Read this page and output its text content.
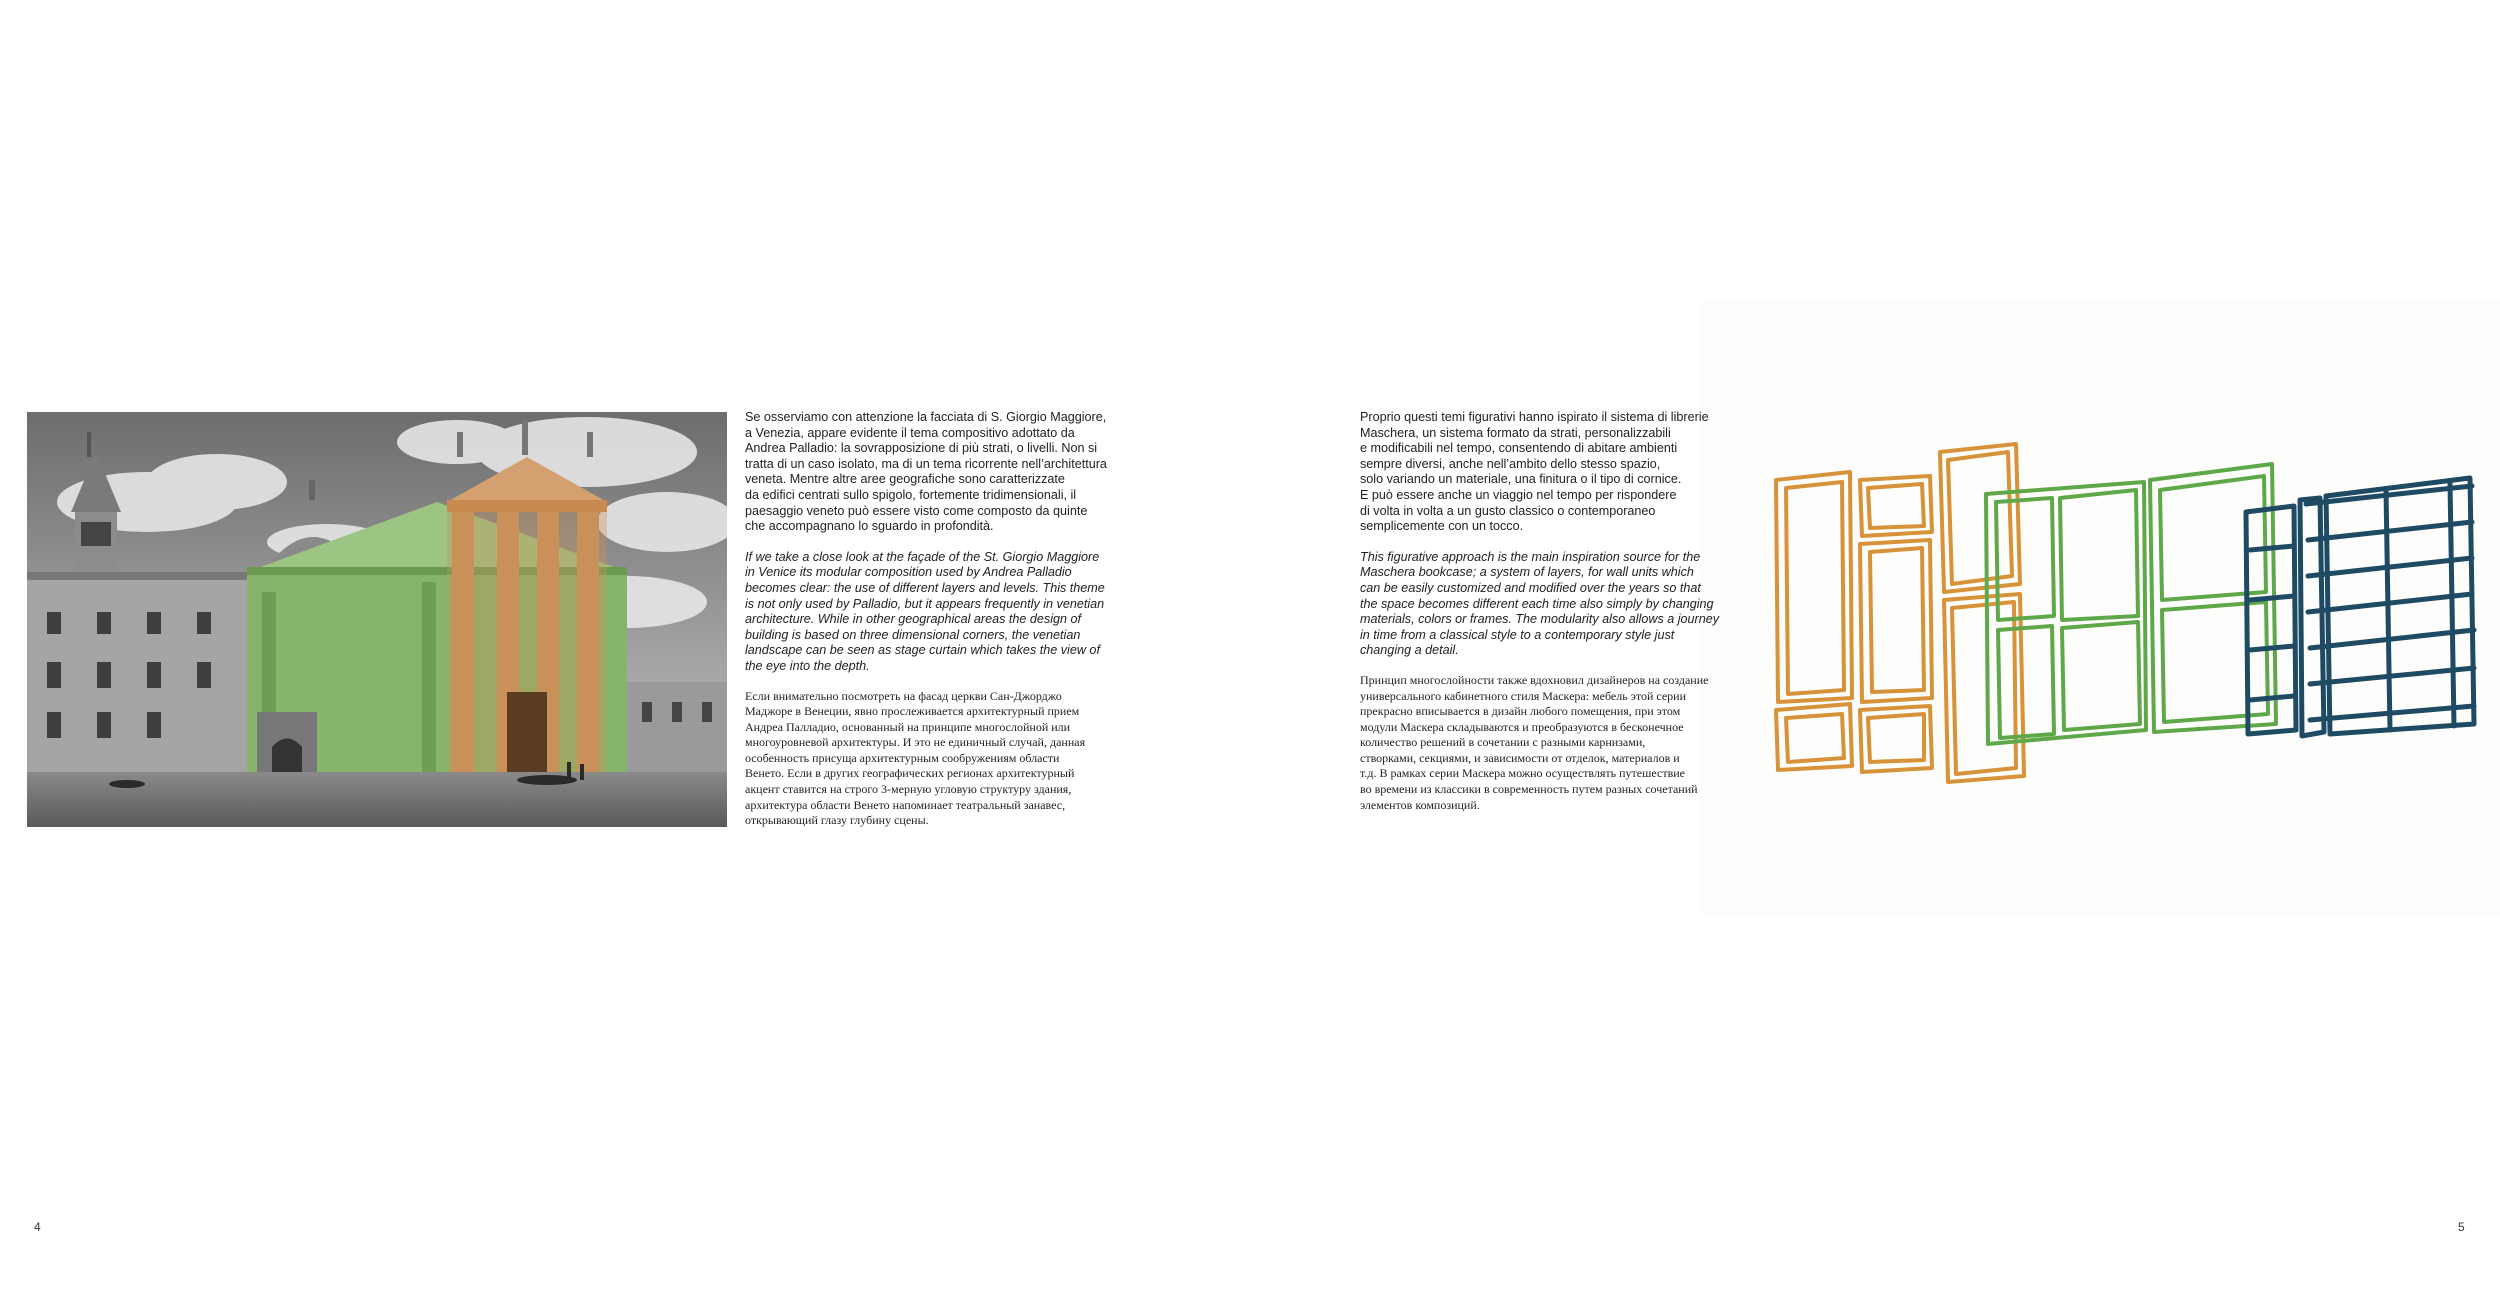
Se osserviamo con attenzione la facciata di S. Giorgio Maggiore,
a Venezia, appare evidente il tema compositivo adottato da
Andrea Palladio: la sovrapposizione di più strati, o livelli. Non si
tratta di un caso isolato, ma di un tema ricorrente nell’architettura
veneta. Mentre altre aree geografiche sono caratterizzate
da edifici centrati sullo spigolo, fortemente tridimensionali, il
paesaggio veneto può essere visto come composto da quinte
che accompagnano lo sguardo in profondità.

If we take a close look at the façade of the St. Giorgio Maggiore
in Venice its modular composition used by Andrea Palladio
becomes clear: the use of different layers and levels. This theme
is not only used by Palladio, but it appears frequently in venetian
architecture. While in other geographical areas the design of
building is based on three dimensional corners, the venetian
landscape can be seen as stage curtain which takes the view of
the eye into the depth.

Если внимательно посмотреть на фасад церкви Сан-Джорджо
Маджоре в Венеции, явно прослеживается архитектурный прием
Андреа Палладио, основанный на принципе многослойной или
многоуровневой архитектуры. И это не единичный случай, данная
особенность присуща архитектурным сообружениям области
Венето. Если в других географических регионах архитектурный
акцент ставится на строго 3-мерную угловую структуру здания,
архитектура области Венето напоминает театральный занавес,
открывающий глазу глубину сцены.

4

Proprio questi temi figurativi hanno ispirato il sistema di librerie
Maschera, un sistema formato da strati, personalizzabili
e modificabili nel tempo, consentendo di abitare ambienti
sempre diversi, anche nell’ambito dello stesso spazio,
solo variando un materiale, una finitura o il tipo di cornice.
E può essere anche un viaggio nel tempo per rispondere
di volta in volta a un gusto classico o contemporaneo
semplicemente con un tocco.

This figurative approach is the main inspiration source for the
Maschera bookcase; a system of layers, for wall units which
can be easily customized and modified over the years so that
the space becomes different each time also simply by changing
materials, colors or frames. The modularity also allows a journey
in time from a classical style to a contemporary style just
changing a detail.

Принцип многослойности также вдохновил дизайнеров на создание
универсального кабинетного стиля Маскера: мебель этой серии
прекрасно вписывается в дизайн любого помещения, при этом
модули Маскера складываются и преобразуются в бесконечное
количество решений в сочетании с разными карнизами,
створками, секциями, и зависимости от отделок, материалов и
т.д. В рамках серии Маскера можно осуществлять путешествие
во времени из классики в современность путем разных сочетаний
элементов композиций.

5
